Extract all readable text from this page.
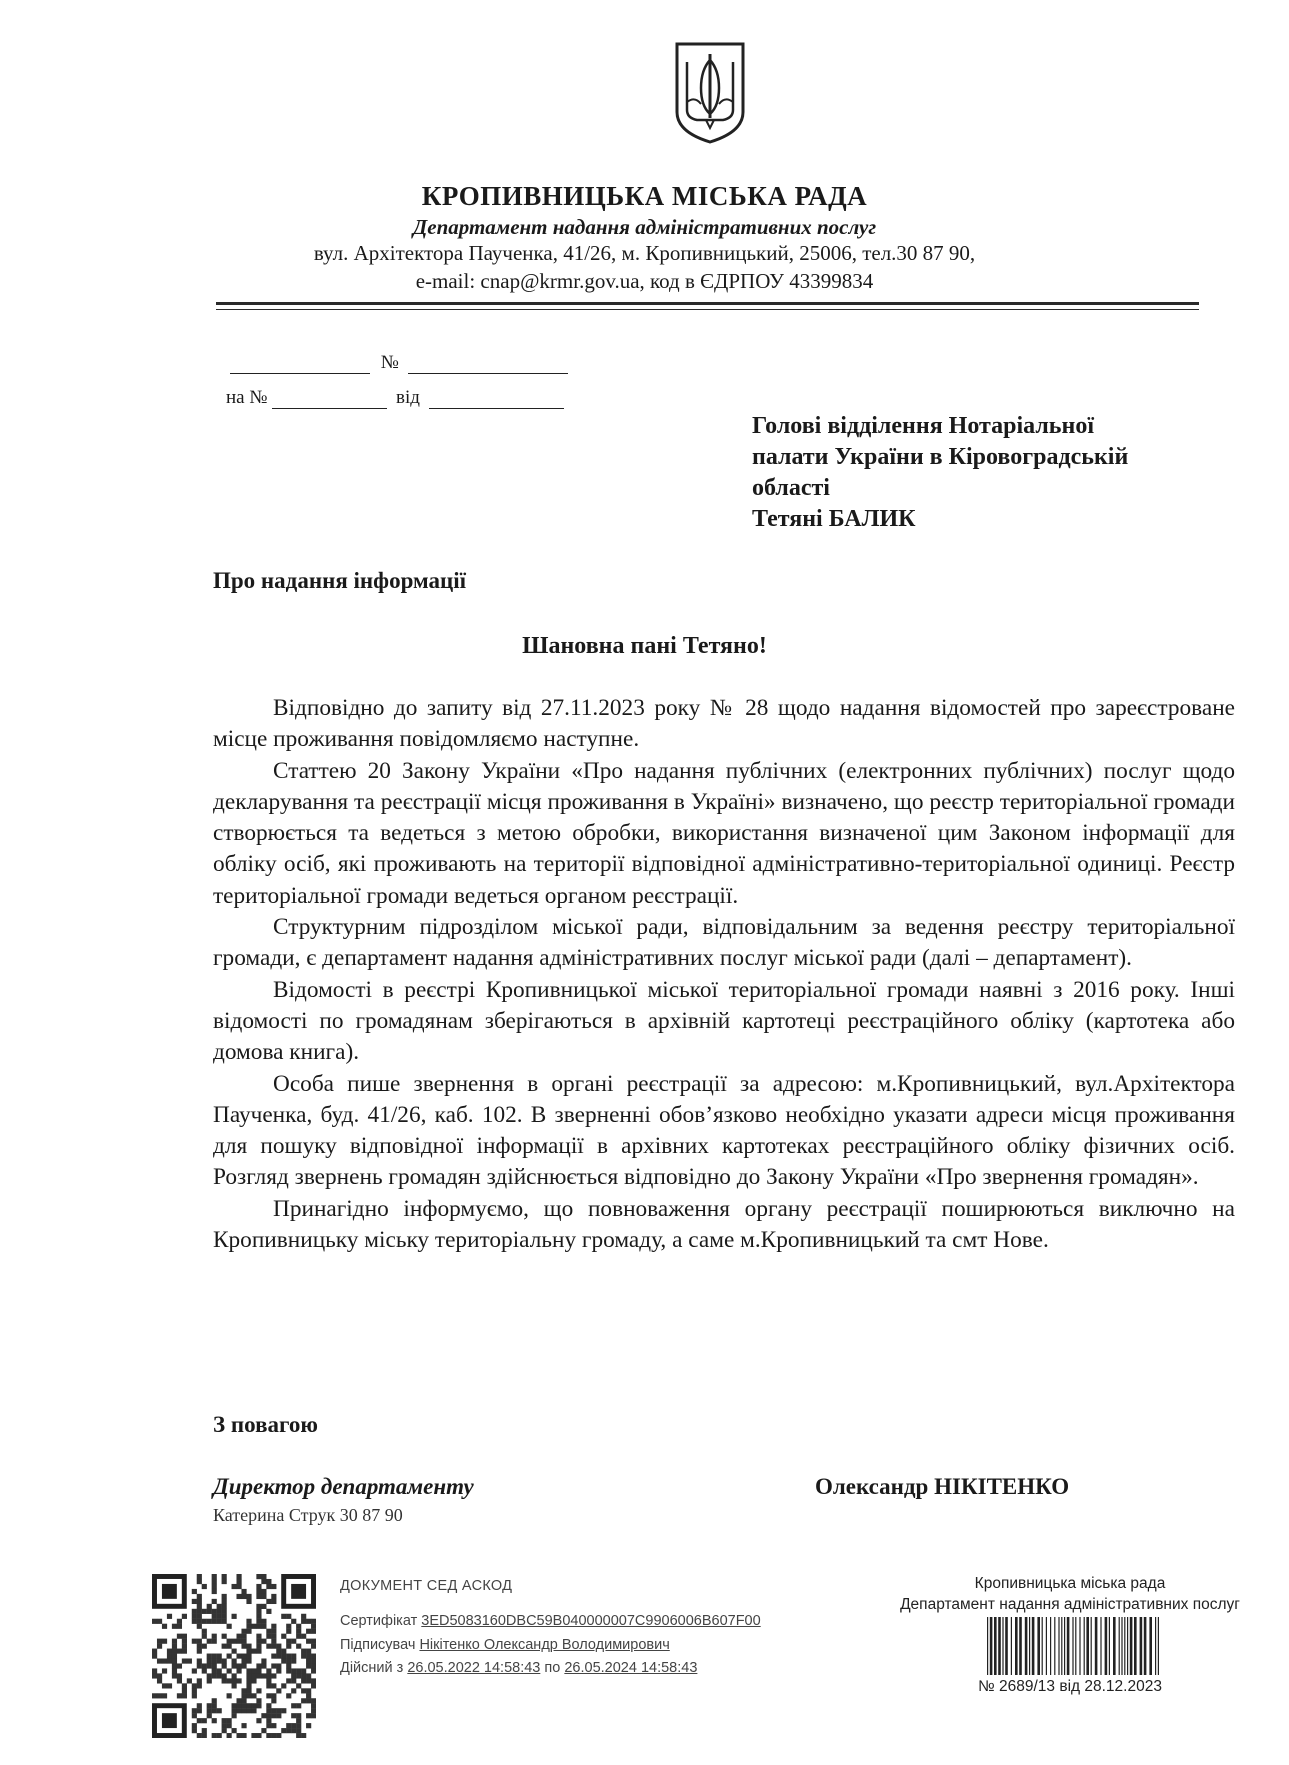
КРОПИВНИЦЬКА МІСЬКА РАДА
Департамент надання адміністративних послуг
вул. Архітектора Паученка, 41/26, м. Кропивницький, 25006, тел.30 87 90,
e-mail: cnap@krmr.gov.ua, код в ЄДРПОУ 43399834
№
на №	від
Голові відділення Нотаріальної
палати України в Кіровоградській
області
Тетяні БАЛИК
Про надання інформації
Шановна пані Тетяно!

Відповідно до запиту від 27.11.2023 року № 28 щодо надання відомостей про зареєстроване місце проживання повідомляємо наступне.

Статтею 20 Закону України «Про надання публічних (електронних публічних) послуг щодо декларування та реєстрації місця проживання в Україні» визначено, що реєстр територіальної громади створюється та ведеться з метою обробки, використання визначеної цим Законом інформації для обліку осіб, які проживають на території відповідної адміністративно-територіальної одиниці. Реєстр територіальної громади ведеться органом реєстрації.

Структурним підрозділом міської ради, відповідальним за ведення реєстру територіальної громади, є департамент надання адміністративних послуг міської ради (далі – департамент).

Відомості в реєстрі Кропивницької міської територіальної громади наявні з 2016 року. Інші відомості по громадянам зберігаються в архівній картотеці реєстраційного обліку (картотека або домова книга).

Особа пише звернення в органі реєстрації за адресою: м.Кропивницький, вул.Архітектора Паученка, буд. 41/26, каб. 102. В зверненні обов’язково необхідно указати адреси місця проживання для пошуку відповідної інформації в архівних картотеках реєстраційного обліку фізичних осіб. Розгляд звернень громадян здійснюється відповідно до Закону України «Про звернення громадян».

Принагідно інформуємо, що повноваження органу реєстрації поширюються виключно на Кропивницьку міську територіальну громаду, а саме м.Кропивницький та смт Нове.

З повагою
Директор департаменту	Олександр НІКІТЕНКО
Катерина Струк 30 87 90
ДОКУМЕНТ СЕД АСКОД
Сертифікат 3ED5083160DBC59B040000007C9906006B607F00
Підписувач Нікітенко Олександр Володимирович
Дійсний з 26.05.2022 14:58:43 по 26.05.2024 14:58:43
Кропивницька міська рада
Департамент надання адміністративних послуг
№ 2689/13 від 28.12.2023
